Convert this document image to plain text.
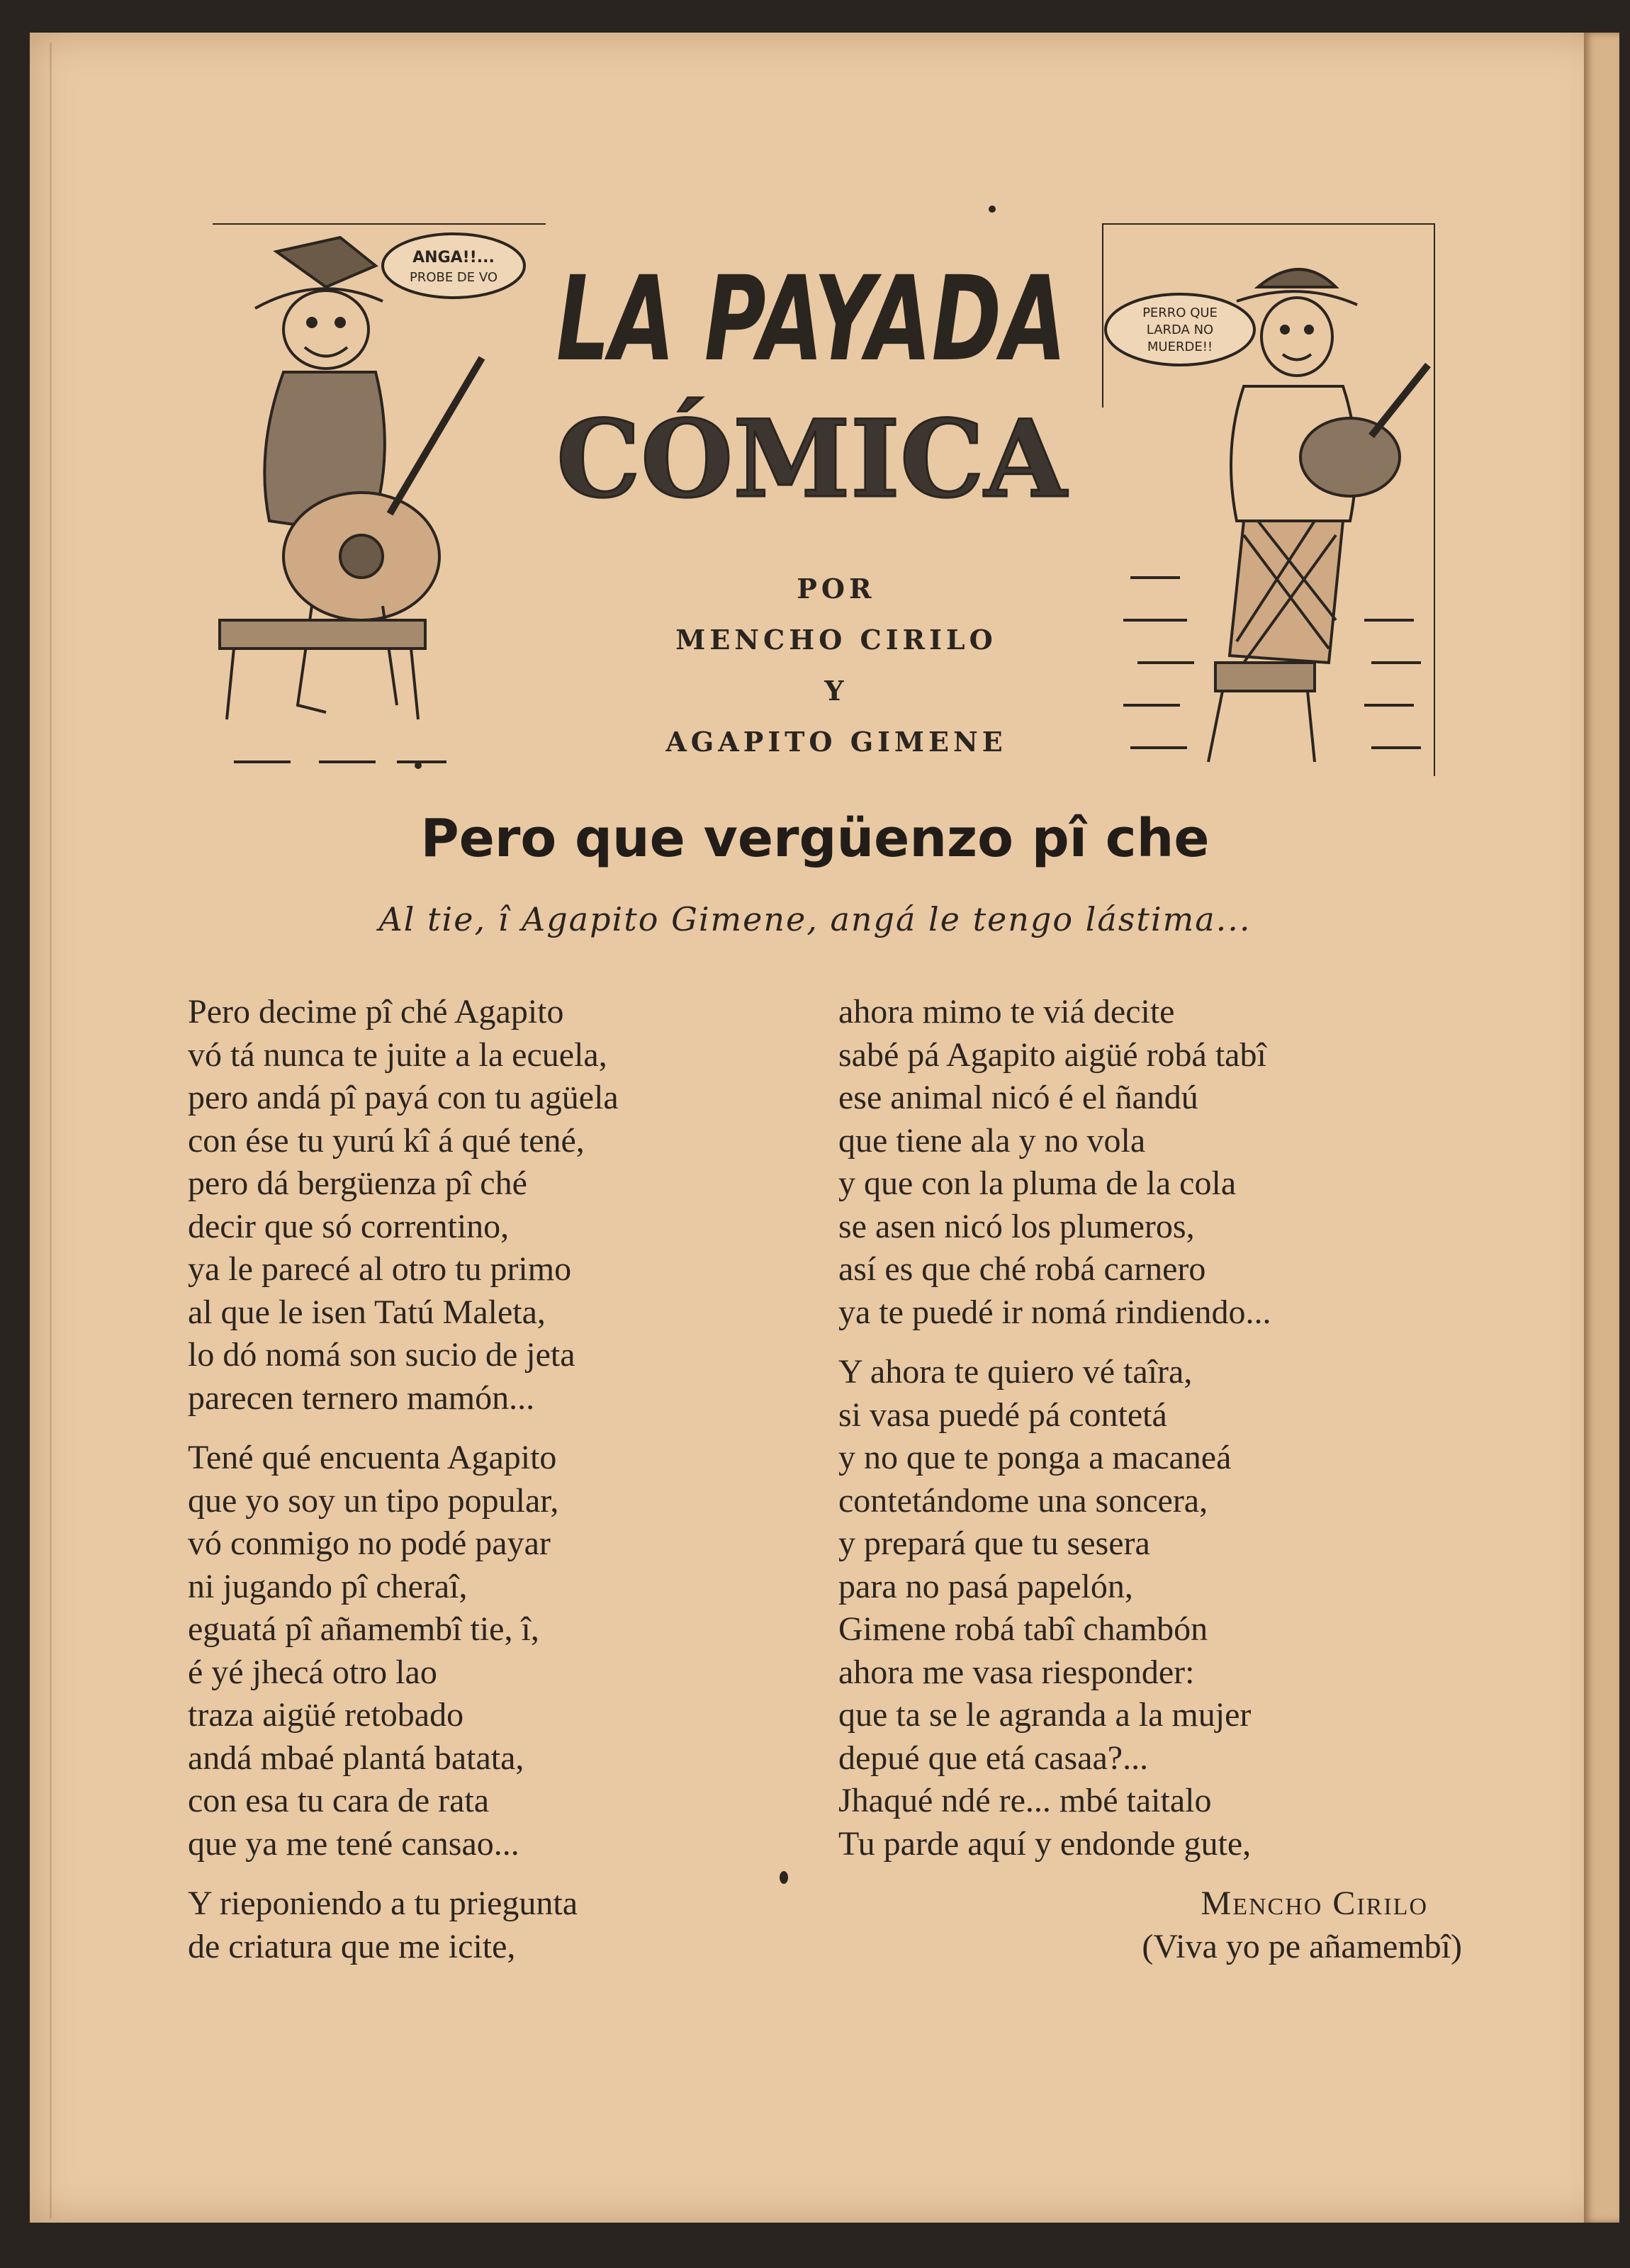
ANGA!!...
PROBE DE VO LA PAYADA
CÓMICA
POR
MENCHO CIRILO
Y
AGAPITO GIMENE
PERRO QUE
LARDA NO
MUERDE!!
Pero que vergüenzo pî che
Al tie, î Agapito Gimene, angá le tengo lástima...
Pero decime pî ché Agapito
vó tá nunca te juite a la ecuela,
pero andá pî payá con tu agüela
con ése tu yurú kî á qué tené,
pero dá bergüenza pî ché
decir que só correntino,
ya le parecé al otro tu primo
al que le isen Tatú Maleta,
lo dó nomá son sucio de jeta
parecen ternero mamón...
Tené qué encuenta Agapito
que yo soy un tipo popular,
vó conmigo no podé payar
ni jugando pî cheraî,
eguatá pî añamembî tie, î,
é yé jhecá otro lao
traza aigüé retobado
andá mbaé plantá batata,
con esa tu cara de rata
que ya me tené cansao...
Y rieponiendo a tu priegunta
de criatura que me icite,
ahora mimo te viá decite
sabé pá Agapito aigüé robá tabî
ese animal nicó é el ñandú
que tiene ala y no vola
y que con la pluma de la cola
se asen nicó los plumeros,
así es que ché robá carnero
ya te puedé ir nomá rindiendo...
Y ahora te quiero vé taîra,
si vasa puedé pá contetá
y no que te ponga a macaneá
contetándome una soncera,
y prepará que tu sesera
para no pasá papelón,
Gimene robá tabî chambón
ahora me vasa riesponder:
que ta se le agranda a la mujer
depué que etá casaa?...
Jhaqué ndé re... mbé taitalo
Tu parde aquí y endonde gute,
Mencho Cirilo
(Viva yo pe añamembî)
